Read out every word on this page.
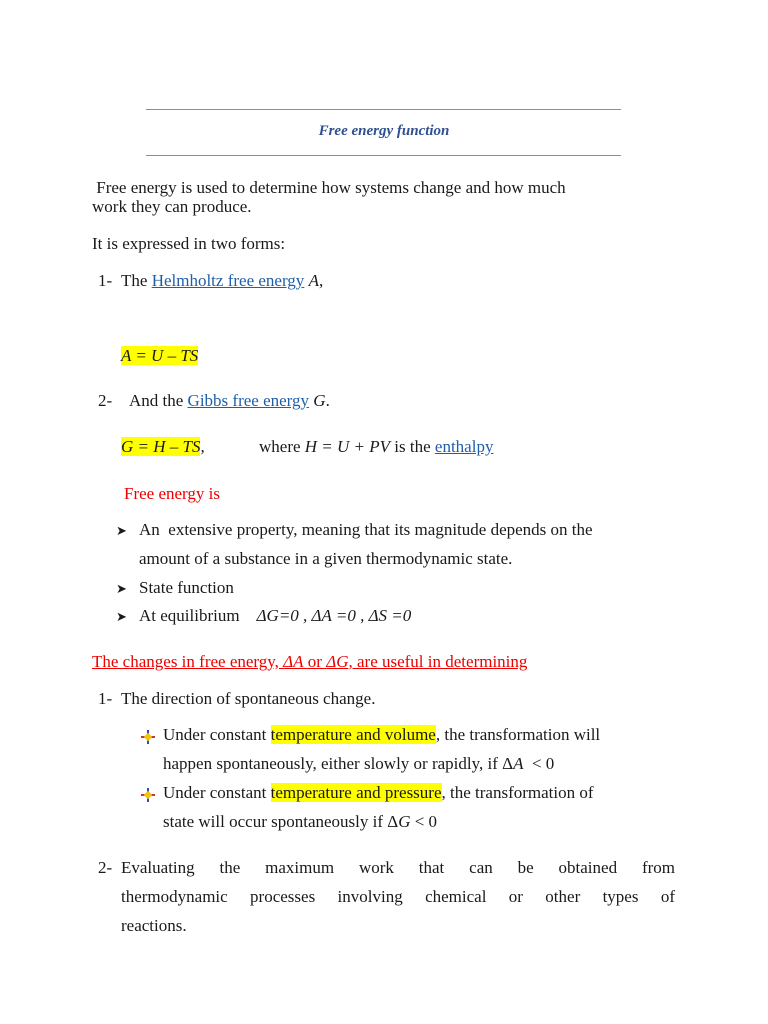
Free energy function
Free energy is used to determine how systems change and how much
work they can produce.
It is expressed in two forms:
1- The Helmholtz free energy A,
A = U – TS
2- And the Gibbs free energy G.
G = H – TS,	where H = U + PV is the enthalpy
Free energy is
➤ An  extensive property, meaning that its magnitude depends on the
amount of a substance in a given thermodynamic state.
➤ State function
➤ At equilibrium    ΔG=0 , ΔA =0 , ΔS =0
The changes in free energy, ΔA or ΔG, are useful in determining
1- The direction of spontaneous change.
Under constant temperature and volume, the transformation will
happen spontaneously, either slowly or rapidly, if ΔA  < 0
Under constant temperature and pressure, the transformation of
state will occur spontaneously if ΔG < 0
2- Evaluating the maximum work that can be obtained from
thermodynamic processes involving chemical or other types of
reactions.
